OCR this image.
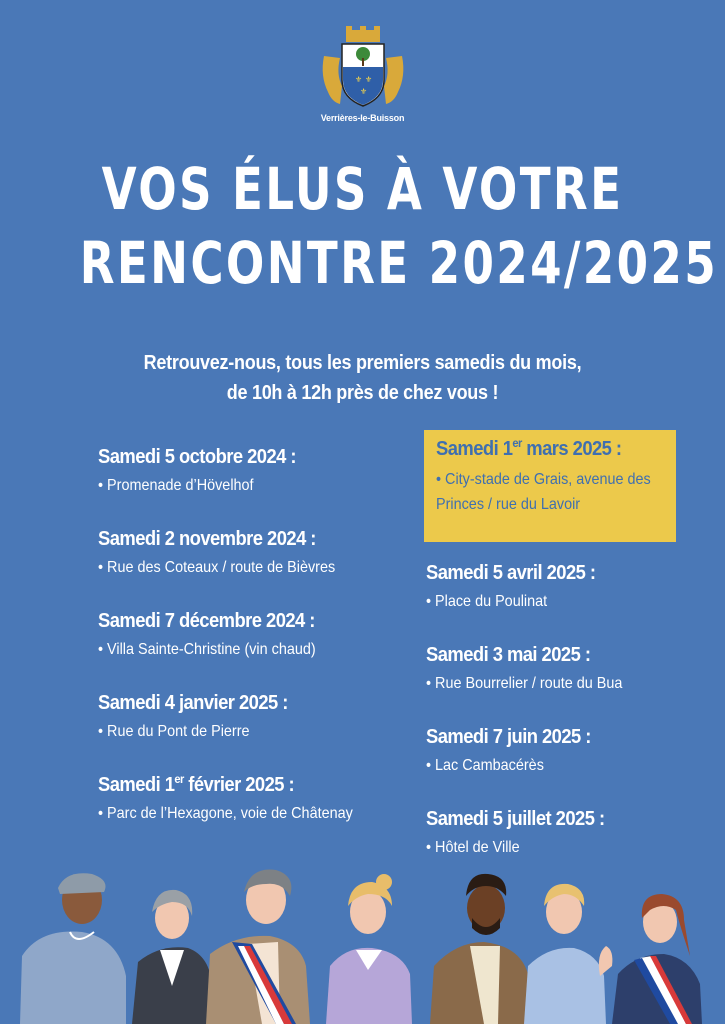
⚜ ⚜
⚜
Verrières-le-Buisson
VOS ÉLUS À VOTRE
RENCONTRE 2024/2025
Retrouvez-nous, tous les premiers samedis du mois,
de 10h à 12h près de chez vous !
Samedi 5 octobre 2024 :
• Promenade d’Hövelhof
Samedi 2 novembre 2024 :
• Rue des Coteaux / route de Bièvres
Samedi 7 décembre 2024 :
• Villa Sainte-Christine (vin chaud)
Samedi 4 janvier 2025 :
• Rue du Pont de Pierre
Samedi 1er février 2025 :
• Parc de l’Hexagone, voie de Châtenay
Samedi 1er mars 2025 :
• City-stade de Grais, avenue des Princes / rue du Lavoir
Samedi 5 avril 2025 :
• Place du Poulinat
Samedi 3 mai 2025 :
• Rue Bourrelier / route du Bua
Samedi 7 juin 2025 :
• Lac Cambacérès
Samedi 5 juillet 2025 :
• Hôtel de Ville
